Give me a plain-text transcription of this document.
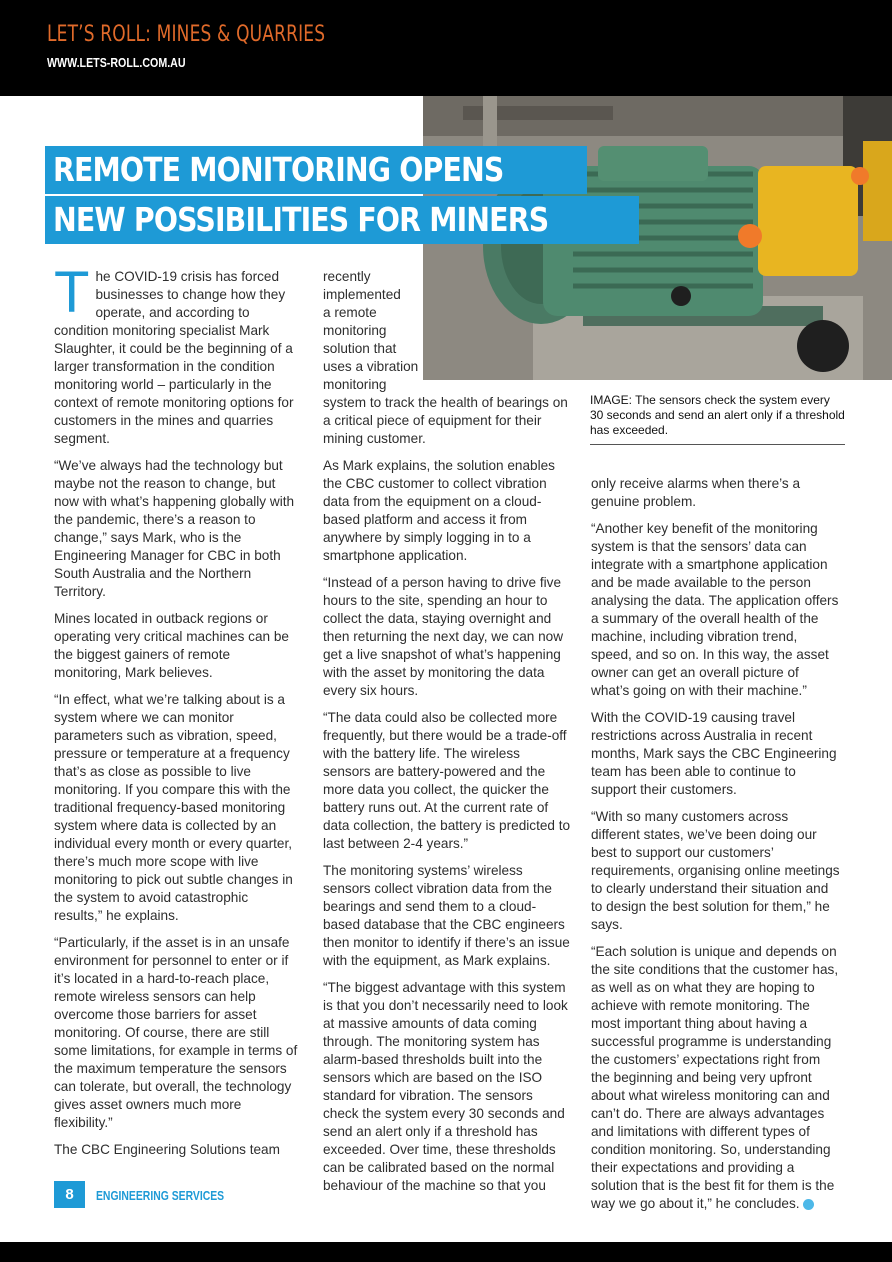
LET’S ROLL: MINES & QUARRIES
WWW.LETS-ROLL.COM.AU
REMOTE MONITORING OPENS
NEW POSSIBILITIES FOR MINERS

The COVID-19 crisis has forced businesses to change how they operate, and according to condition monitoring specialist Mark Slaughter, it could be the beginning of a larger transformation in the condition monitoring world – particularly in the context of remote monitoring options for customers in the mines and quarries segment.

“We’ve always had the technology but maybe not the reason to change, but now with what’s happening globally with the pandemic, there’s a reason to change,” says Mark, who is the Engineering Manager for CBC in both South Australia and the Northern Territory.

Mines located in outback regions or operating very critical machines can be the biggest gainers of remote monitoring, Mark believes.

“In effect, what we’re talking about is a system where we can monitor parameters such as vibration, speed, pressure or temperature at a frequency that’s as close as possible to live monitoring. If you compare this with the traditional frequency-based monitoring system where data is collected by an individual every month or every quarter, there’s much more scope with live monitoring to pick out subtle changes in the system to avoid catastrophic results,” he explains.

“Particularly, if the asset is in an unsafe environment for personnel to enter or if it’s located in a hard-to-reach place, remote wireless sensors can help overcome those barriers for asset monitoring. Of course, there are still some limitations, for example in terms of the maximum temperature the sensors can tolerate, but overall, the technology gives asset owners much more flexibility.”

The CBC Engineering Solutions team

recently
implemented
a remote
monitoring
solution that
uses a vibration
monitoring
system to track the health of bearings on a critical piece of equipment for their mining customer.

As Mark explains, the solution enables the CBC customer to collect vibration data from the equipment on a cloud-based platform and access it from anywhere by simply logging in to a smartphone application.

“Instead of a person having to drive five hours to the site, spending an hour to collect the data, staying overnight and then returning the next day, we can now get a live snapshot of what’s happening with the asset by monitoring the data every six hours.

“The data could also be collected more frequently, but there would be a trade-off with the battery life. The wireless sensors are battery-powered and the more data you collect, the quicker the battery runs out. At the current rate of data collection, the battery is predicted to last between 2-4 years.”

The monitoring systems’ wireless sensors collect vibration data from the bearings and send them to a cloud-based database that the CBC engineers then monitor to identify if there’s an issue with the equipment, as Mark explains.

“The biggest advantage with this system is that you don’t necessarily need to look at massive amounts of data coming through. The monitoring system has alarm-based thresholds built into the sensors which are based on the ISO standard for vibration. The sensors check the system every 30 seconds and send an alert only if a threshold has exceeded. Over time, these thresholds can be calibrated based on the normal behaviour of the machine so that you

IMAGE: The sensors check the system every 30 seconds and send an alert only if a threshold has exceeded.

only receive alarms when there’s a genuine problem.

“Another key benefit of the monitoring system is that the sensors’ data can integrate with a smartphone application and be made available to the person analysing the data. The application offers a summary of the overall health of the machine, including vibration trend, speed, and so on. In this way, the asset owner can get an overall picture of what’s going on with their machine.”

With the COVID-19 causing travel restrictions across Australia in recent months, Mark says the CBC Engineering team has been able to continue to support their customers.

“With so many customers across different states, we’ve been doing our best to support our customers’ requirements, organising online meetings to clearly understand their situation and to design the best solution for them,” he says.

“Each solution is unique and depends on the site conditions that the customer has, as well as on what they are hoping to achieve with remote monitoring. The most important thing about having a successful programme is understanding the customers’ expectations right from the beginning and being very upfront about what wireless monitoring can and can’t do. There are always advantages and limitations with different types of condition monitoring. So, understanding their expectations and providing a solution that is the best fit for them is the way we go about it,” he concludes.

8	ENGINEERING SERVICES
